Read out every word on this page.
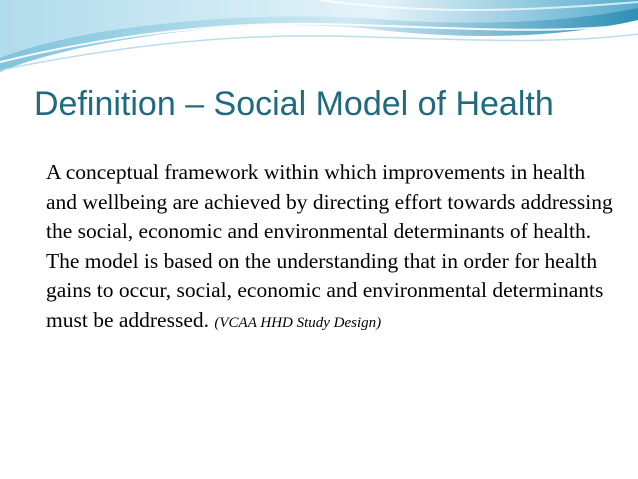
Definition – Social Model of Health

A conceptual framework within which improvements in health and wellbeing are achieved by directing effort towards addressing the social, economic and environmental determinants of health. The model is based on the understanding that in order for health gains to occur, social, economic and environmental determinants must be addressed. (VCAA HHD Study Design)
